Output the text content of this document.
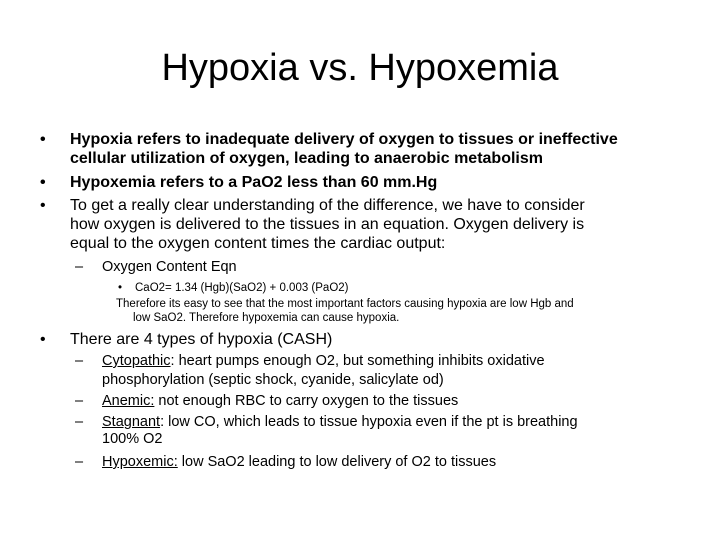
Hypoxia vs. Hypoxemia
• Hypoxia refers to inadequate delivery of oxygen to tissues or ineffective
cellular utilization of oxygen, leading to anaerobic metabolism
• Hypoxemia refers to a PaO2 less than 60 mm.Hg
• To get a really clear understanding of the difference, we have to consider
how oxygen is delivered to the tissues in an equation. Oxygen delivery is
equal to the oxygen content times the cardiac output:
– Oxygen Content Eqn
• CaO2= 1.34 (Hgb)(SaO2) + 0.003 (PaO2)
Therefore its easy to see that the most important factors causing hypoxia are low Hgb and
low SaO2. Therefore hypoxemia can cause hypoxia.
• There are 4 types of hypoxia (CASH)
– Cytopathic: heart pumps enough O2, but something inhibits oxidative
phosphorylation (septic shock, cyanide, salicylate od)
– Anemic: not enough RBC to carry oxygen to the tissues
– Stagnant: low CO, which leads to tissue hypoxia even if the pt is breathing
100% O2
– Hypoxemic: low SaO2 leading to low delivery of O2 to tissues
